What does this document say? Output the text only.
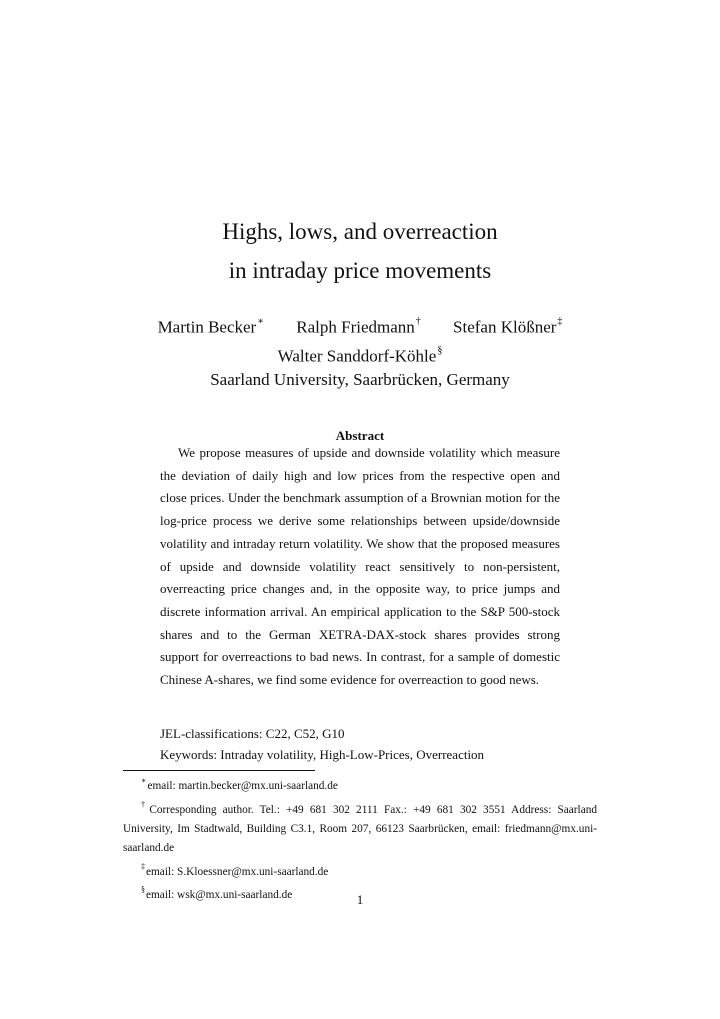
Highs, lows, and overreaction
in intraday price movements
Martin Becker∗ Ralph Friedmann† Stefan Klößner‡
Walter Sanddorf-Köhle§
Saarland University, Saarbrücken, Germany
Abstract
We propose measures of upside and downside volatility which measure the deviation of daily high and low prices from the respective open and close prices. Under the benchmark assumption of a Brownian motion for the log-price process we derive some relationships between upside/downside volatility and intraday return volatility. We show that the proposed measures of upside and downside volatility react sensitively to non-persistent, overreacting price changes and, in the opposite way, to price jumps and discrete information arrival. An empirical application to the S&P 500-stock shares and to the German XETRA-DAX-stock shares provides strong support for overreactions to bad news. In contrast, for a sample of domestic Chinese A-shares, we find some evidence for overreaction to good news.
JEL-classifications: C22, C52, G10
Keywords: Intraday volatility, High-Low-Prices, Overreaction
∗email: martin.becker@mx.uni-saarland.de
†Corresponding author. Tel.: +49 681 302 2111 Fax.: +49 681 302 3551 Address: Saarland University, Im Stadtwald, Building C3.1, Room 207, 66123 Saarbrücken, email: friedmann@mx.uni-saarland.de
‡email: S.Kloessner@mx.uni-saarland.de
§email: wsk@mx.uni-saarland.de	1
